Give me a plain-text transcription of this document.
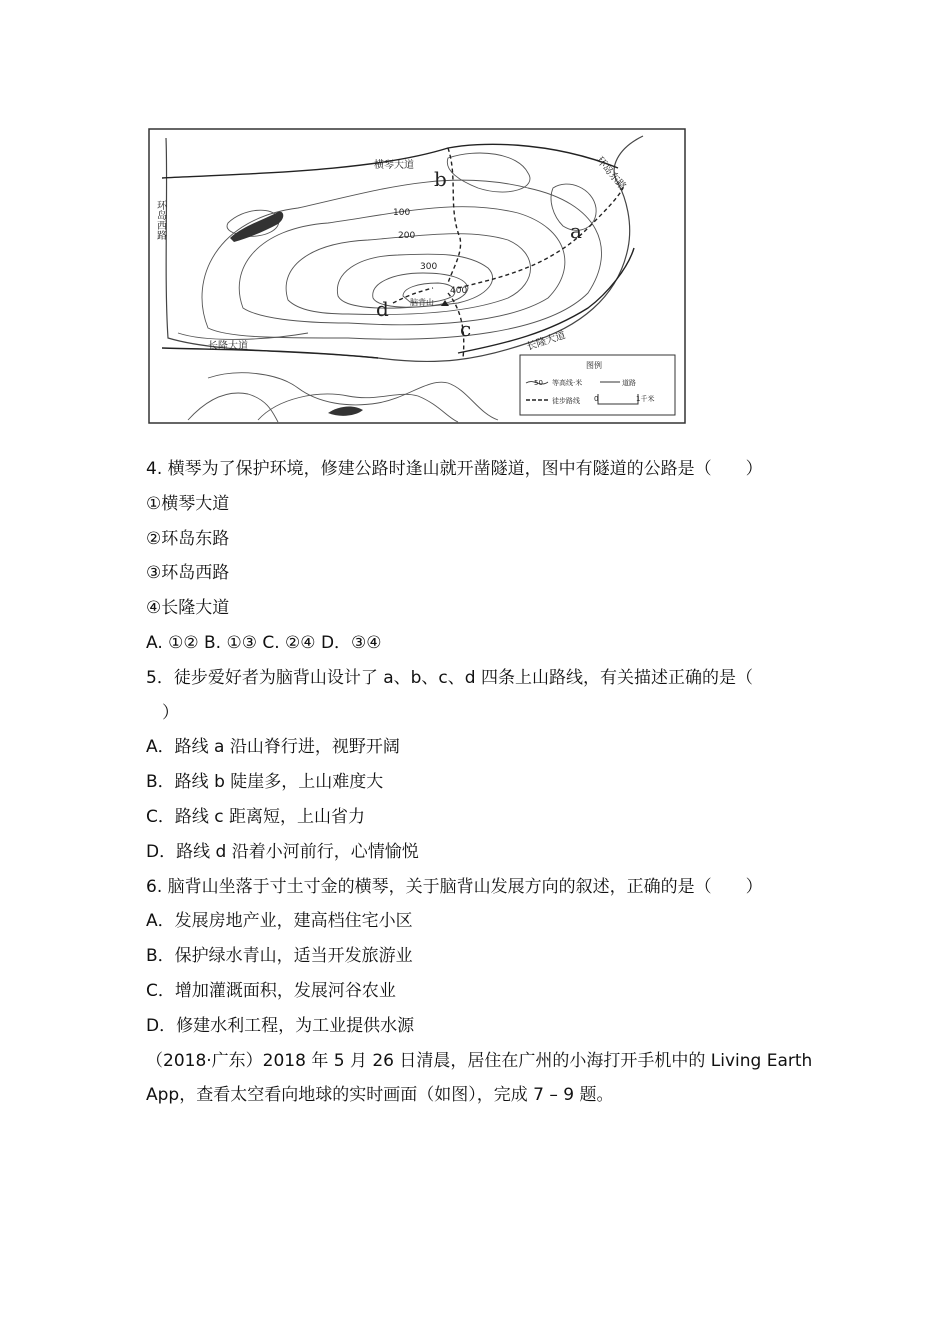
横琴大道
长隆大道	长隆大道
环岛东路
环岛西路	100
200
300
400
脑背山
a
b
c
d
图例
50 等高线·米	道路
徒步路线 0	1千米
4. 横琴为了保护环境，修建公路时逢山就开凿隧道，图中有隧道的公路是（　　）
①横琴大道
②环岛东路
③环岛西路
④长隆大道
A. ①② B. ①③ C. ②④ D．③④
5．徒步爱好者为脑背山设计了 a、b、c、d 四条上山路线，有关描述正确的是（
）
A．路线 a 沿山脊行进，视野开阔
B．路线 b 陡崖多，上山难度大
C．路线 c 距离短，上山省力
D．路线 d 沿着小河前行，心情愉悦
6. 脑背山坐落于寸土寸金的横琴，关于脑背山发展方向的叙述，正确的是（　　）
A．发展房地产业，建高档住宅小区
B．保护绿水青山，适当开发旅游业
C．增加灌溉面积，发展河谷农业
D．修建水利工程，为工业提供水源
（2018·广东）2018 年 5 月 26 日清晨，居住在广州的小海打开手机中的 Living Earth
App，查看太空看向地球的实时画面（如图），完成 7 – 9 题。
